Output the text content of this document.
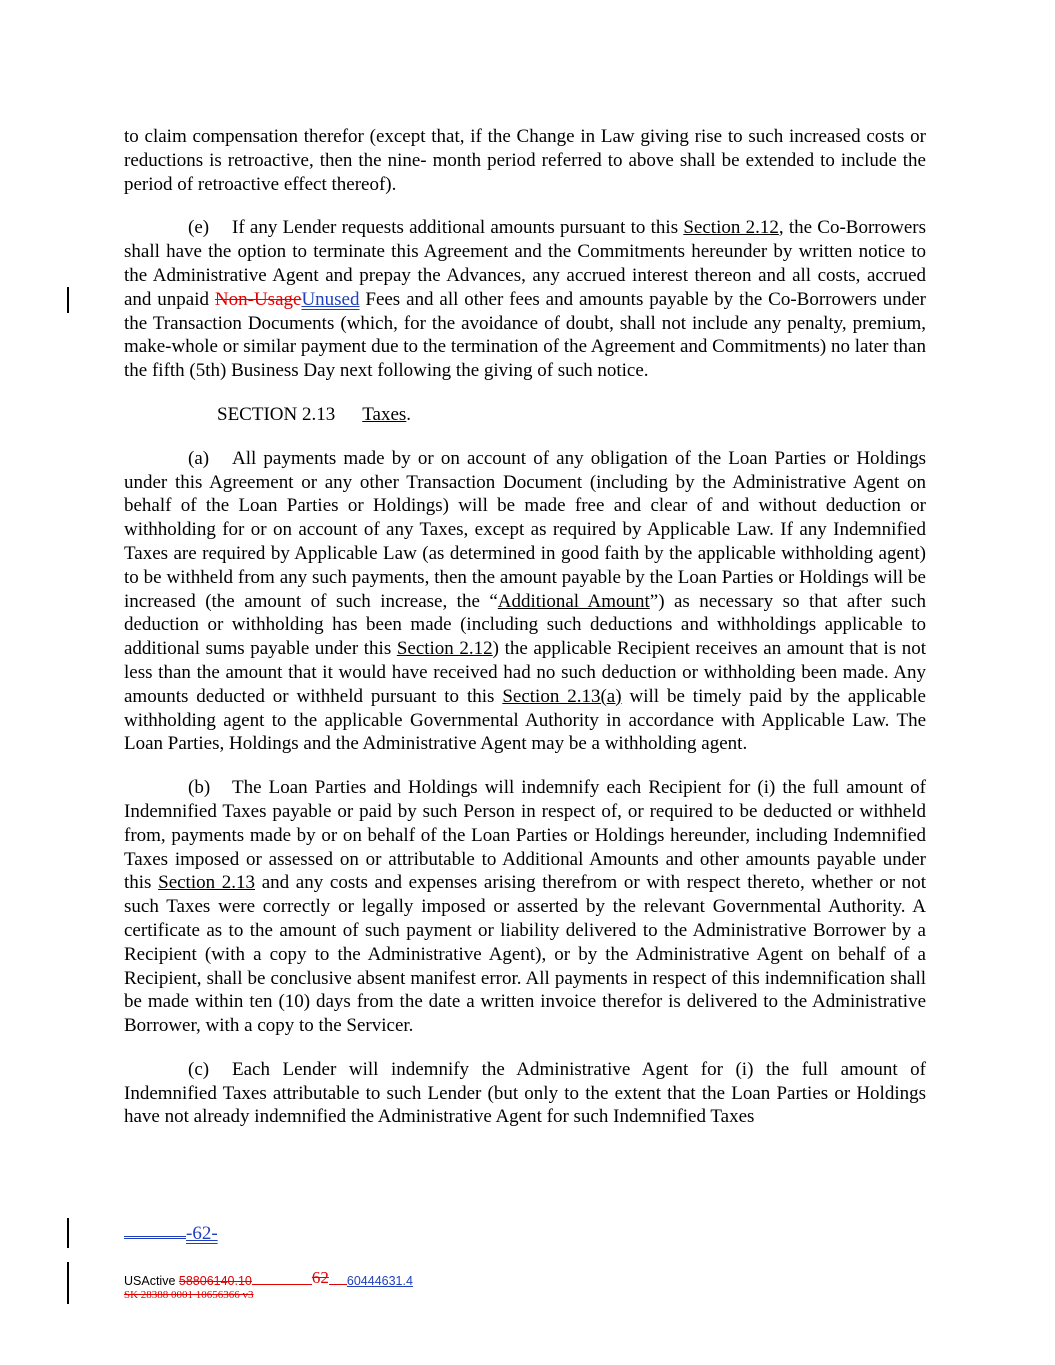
to claim compensation therefor (except that, if the Change in Law giving rise to such increased costs or reductions is retroactive, then the nine- month period referred to above shall be extended to include the period of retroactive effect thereof).

(e) If any Lender requests additional amounts pursuant to this Section 2.12, the Co-Borrowers shall have the option to terminate this Agreement and the Commitments hereunder by written notice to the Administrative Agent and prepay the Advances, any accrued interest thereon and all costs, accrued and unpaid Non-UsageUnused Fees and all other fees and amounts payable by the Co-Borrowers under the Transaction Documents (which, for the avoidance of doubt, shall not include any penalty, premium, make-whole or similar payment due to the termination of the Agreement and Commitments) no later than the fifth (5th) Business Day next following the giving of such notice.

SECTION 2.13 Taxes.

(a) All payments made by or on account of any obligation of the Loan Parties or Holdings under this Agreement or any other Transaction Document (including by the Administrative Agent on behalf of the Loan Parties or Holdings) will be made free and clear of and without deduction or withholding for or on account of any Taxes, except as required by Applicable Law. If any Indemnified Taxes are required by Applicable Law (as determined in good faith by the applicable withholding agent) to be withheld from any such payments, then the amount payable by the Loan Parties or Holdings will be increased (the amount of such increase, the “Additional Amount”) as necessary so that after such deduction or withholding has been made (including such deductions and withholdings applicable to additional sums payable under this Section 2.12) the applicable Recipient receives an amount that is not less than the amount that it would have received had no such deduction or withholding been made. Any amounts deducted or withheld pursuant to this Section 2.13(a) will be timely paid by the applicable withholding agent to the applicable Governmental Authority in accordance with Applicable Law. The Loan Parties, Holdings and the Administrative Agent may be a withholding agent.

(b) The Loan Parties and Holdings will indemnify each Recipient for (i) the full amount of Indemnified Taxes payable or paid by such Person in respect of, or required to be deducted or withheld from, payments made by or on behalf of the Loan Parties or Holdings hereunder, including Indemnified Taxes imposed or assessed on or attributable to Additional Amounts and other amounts payable under this Section 2.13 and any costs and expenses arising therefrom or with respect thereto, whether or not such Taxes were correctly or legally imposed or asserted by the relevant Governmental Authority. A certificate as to the amount of such payment or liability delivered to the Administrative Borrower by a Recipient (with a copy to the Administrative Agent), or by the Administrative Agent on behalf of a Recipient, shall be conclusive absent manifest error. All payments in respect of this indemnification shall be made within ten (10) days from the date a written invoice therefor is delivered to the Administrative Borrower, with a copy to the Servicer.

(c) Each Lender will indemnify the Administrative Agent for (i) the full amount of Indemnified Taxes attributable to such Lender (but only to the extent that the Loan Parties or Holdings have not already indemnified the Administrative Agent for such Indemnified Taxes

-62-
USActive 58806140.10	62 60444631.4
SK 28388 0001 10656366 v3
